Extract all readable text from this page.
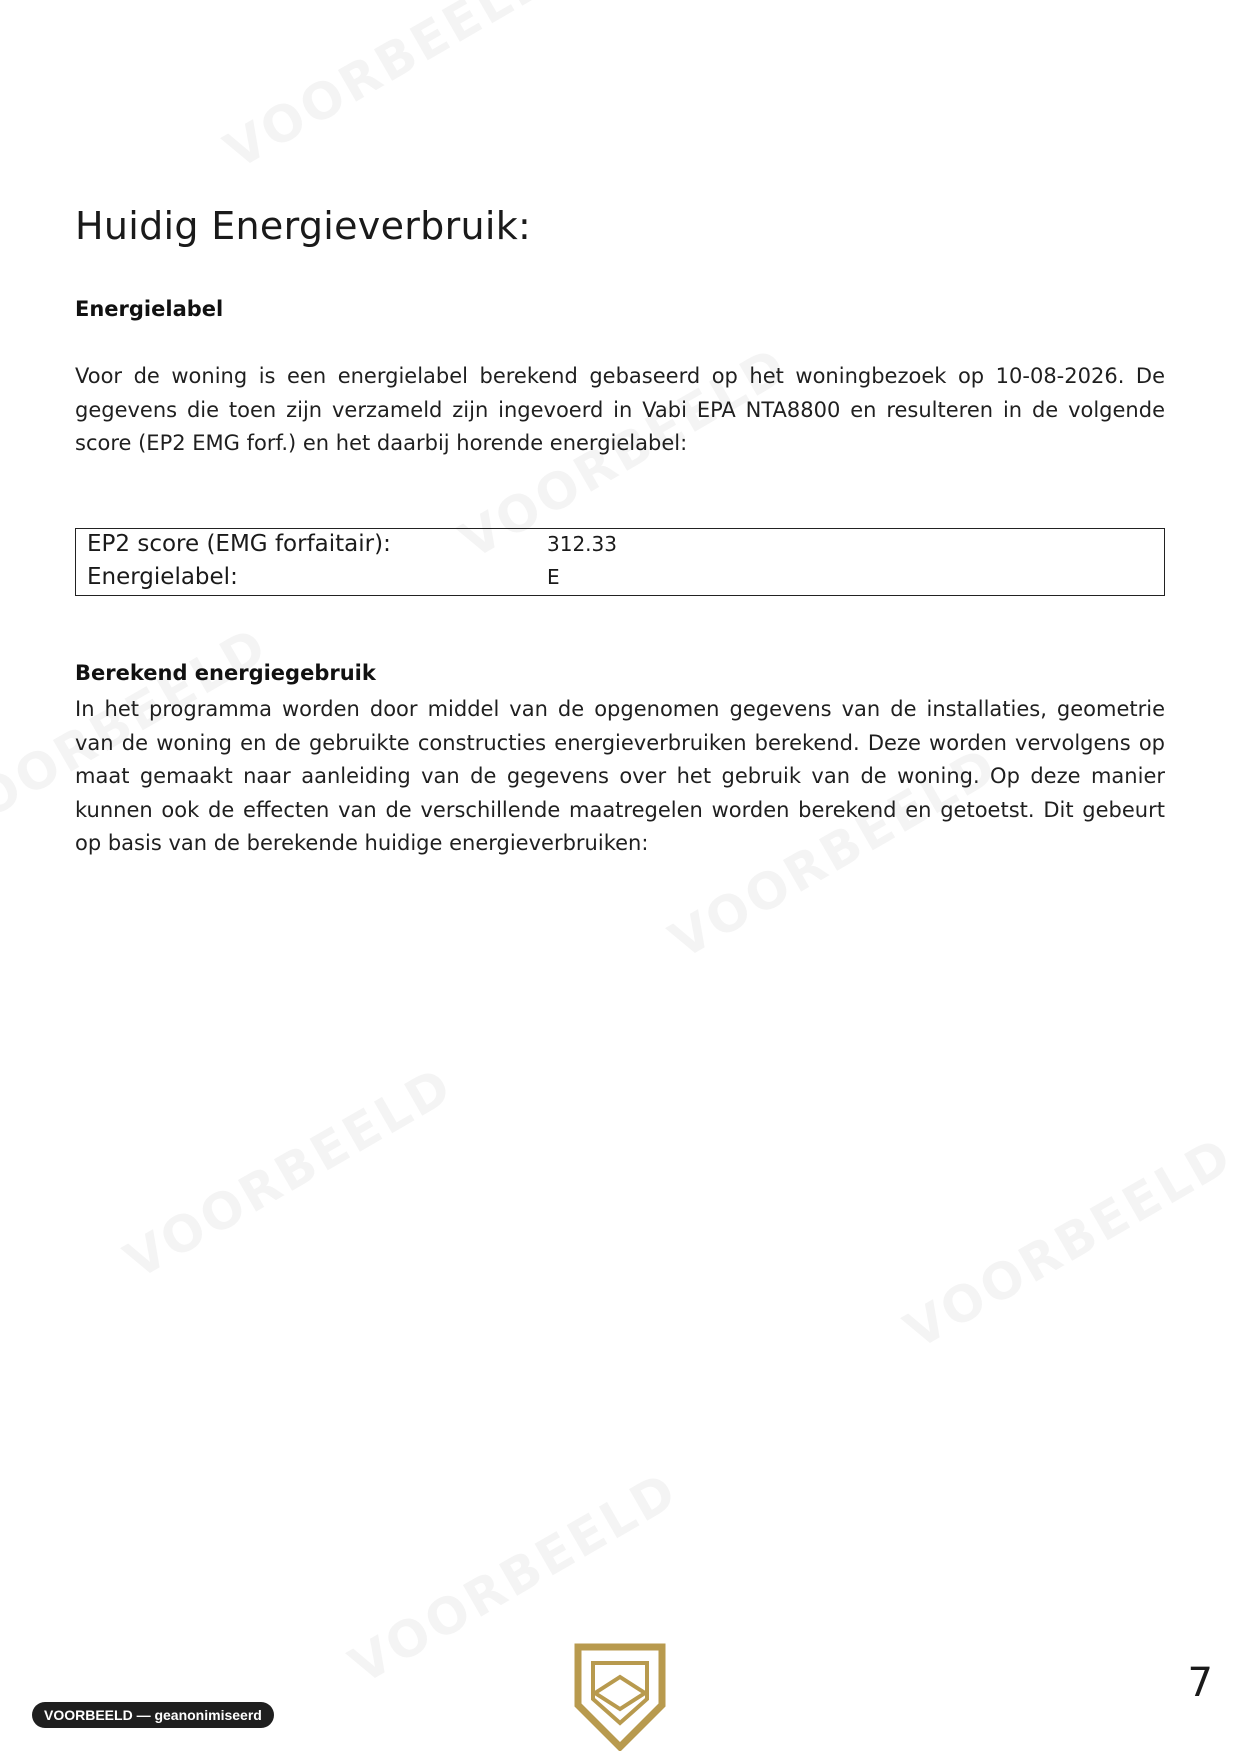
Huidig Energieverbruik:
Energielabel

Voor de woning is een energielabel berekend gebaseerd op het woningbezoek op 10-08-2026. De gegevens die toen zijn verzameld zijn ingevoerd in Vabi EPA NTA8800 en resulteren in de volgende score (EP2 EMG forf.) en het daarbij horende energielabel:

EP2 score (EMG forfaitair):	312.33
Energielabel:	E
Berekend energiegebruik

In het programma worden door middel van de opgenomen gegevens van de installaties, geometrie van de woning en de gebruikte constructies energieverbruiken berekend. Deze worden vervolgens op maat gemaakt naar aanleiding van de gegevens over het gebruik van de woning. Op deze manier kunnen ook de effecten van de verschillende maatregelen worden berekend en getoetst. Dit gebeurt op basis van de berekende huidige energieverbruiken:

VOORBEELD — geanonimiseerd
7
